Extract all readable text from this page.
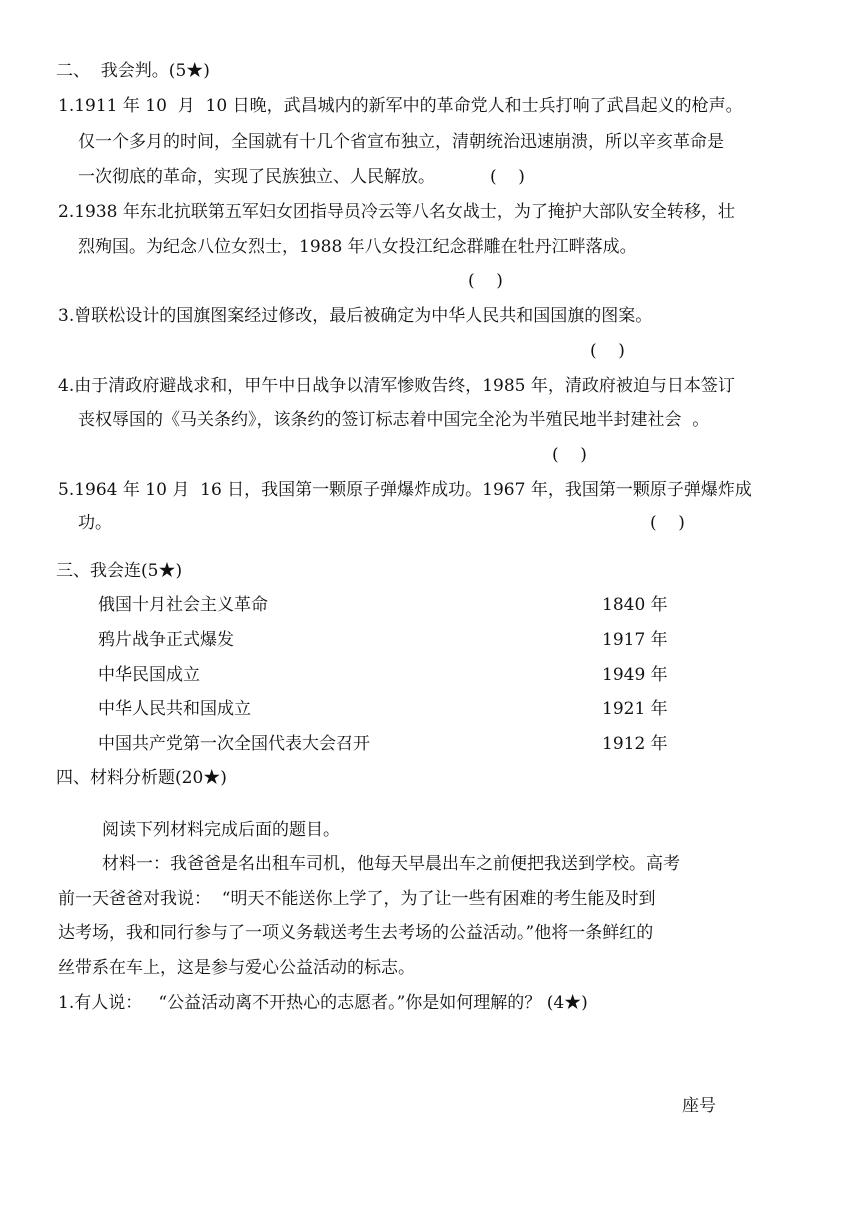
二、  我会判。(5★)
1.1911 年 10  月  10 日晚，武昌城内的新军中的革命党人和士兵打响了武昌起义的枪声。
仅一个多月的时间，全国就有十几个省宣布独立，清朝统治迅速崩溃，所以辛亥革命是
一次彻底的革命，实现了民族独立、人民解放。	(    )
2.1938 年东北抗联第五军妇女团指导员冷云等八名女战士，为了掩护大部队安全转移，壮
烈殉国。为纪念八位女烈士，1988 年八女投江纪念群雕在牡丹江畔落成。
(    )
3.曾联松设计的国旗图案经过修改，最后被确定为中华人民共和国国旗的图案。
(    )
4.由于清政府避战求和，甲午中日战争以清军惨败告终，1985 年，清政府被迫与日本签订
丧权辱国的《马关条约》，该条约的签订标志着中国完全沦为半殖民地半封建社会  。
(    )
5.1964 年 10 月  16 日，我国第一颗原子弹爆炸成功。1967 年，我国第一颗原子弹爆炸成
功。	(    )
三、我会连(5★)
俄国十月社会主义革命	1840 年
鸦片战争正式爆发	1917 年
中华民国成立	1949 年
中华人民共和国成立	1921 年
中国共产党第一次全国代表大会召开	1912 年
四、材料分析题(20★)
阅读下列材料完成后面的题目。
材料一：我爸爸是名出租车司机，他每天早晨出车之前便把我送到学校。高考
前一天爸爸对我说：  “明天不能送你上学了，为了让一些有困难的考生能及时到
达考场，我和同行参与了一项义务载送考生去考场的公益活动。”他将一条鲜红的
丝带系在车上，这是参与爱心公益活动的标志。
1.有人说：   “公益活动离不开热心的志愿者。”你是如何理解的？ (4★)
座号
